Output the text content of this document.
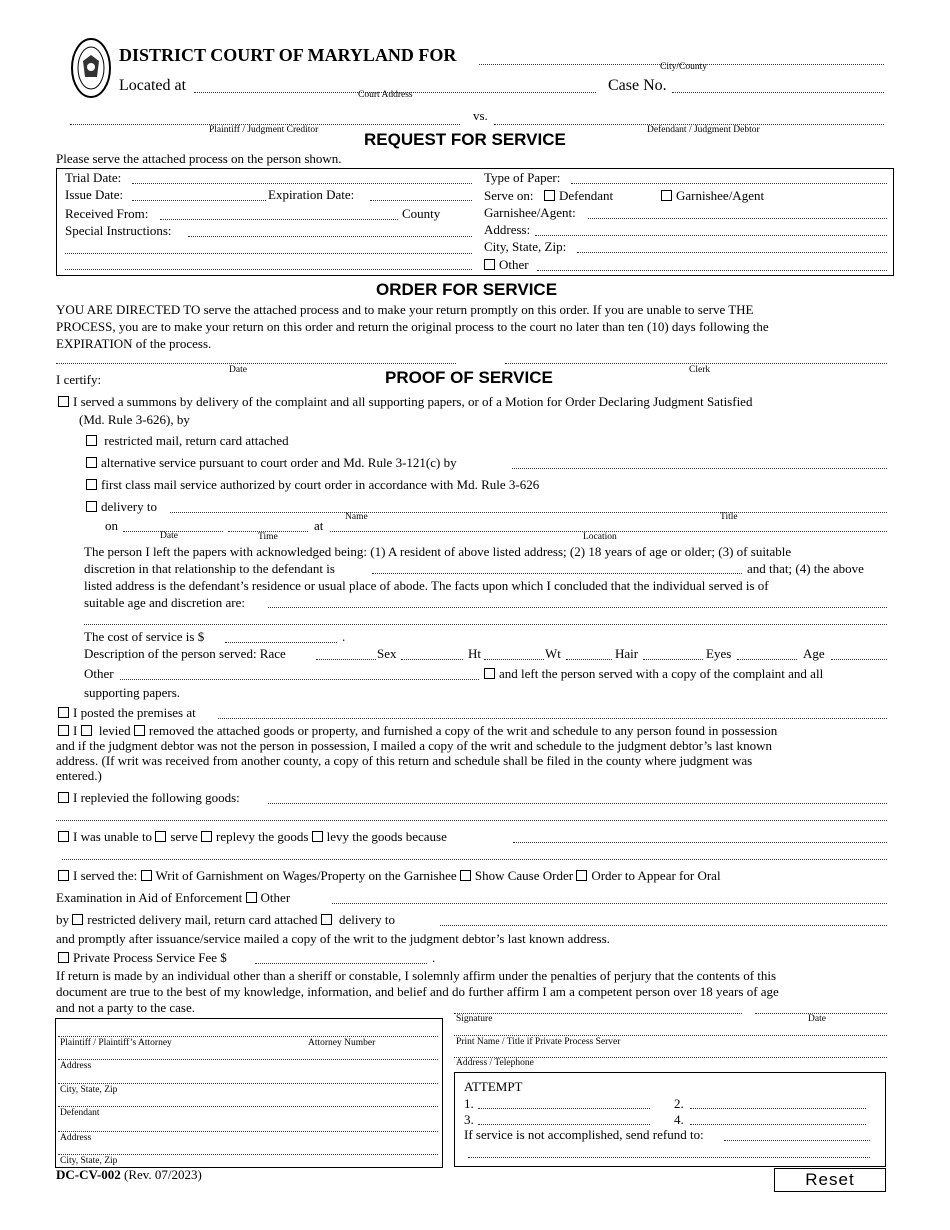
DISTRICT COURT OF MARYLAND FOR
City/County
Located at
Court Address
Case No.
vs.
Plaintiff / Judgment Creditor	Defendant / Judgment Debtor
REQUEST FOR SERVICE
Please serve the attached process on the person shown.
Trial Date:
Issue Date:	Expiration Date:
Received From:	County
Special Instructions:
Type of Paper:
Serve on:	Defendant	Garnishee/Agent
Garnishee/Agent:
Address:
City, State, Zip:
Other
ORDER FOR SERVICE
YOU ARE DIRECTED TO serve the attached process and to make your return promptly on this order. If you are unable to serve THE
PROCESS, you are to make your return on this order and return the original process to the court no later than ten (10) days following the
EXPIRATION of the process.
Date	Clerk
I certify:	PROOF OF SERVICE
I served a summons by delivery of the complaint and all supporting papers, or of a Motion for Order Declaring Judgment Satisfied
(Md. Rule 3-626), by
restricted mail, return card attached
alternative service pursuant to court order and Md. Rule 3-121(c) by
first class mail service authorized by court order in accordance with Md. Rule 3-626
delivery to
Name	Title
on	at
Date	Time	Location
The person I left the papers with acknowledged being: (1) A resident of above listed address; (2) 18 years of age or older; (3) of suitable
discretion in that relationship to the defendant is	and that; (4) the above
listed address is the defendant’s residence or usual place of abode. The facts upon which I concluded that the individual served is of
suitable age and discretion are:
The cost of service is $	.
Description of the person served: Race	Sex	Ht	Wt	Hair	Eyes	Age
Other	and left the person served with a copy of the complaint and all
supporting papers.
I posted the premises at
I levied removed the attached goods or property, and furnished a copy of the writ and schedule to any person found in possession
and if the judgment debtor was not the person in possession, I mailed a copy of the writ and schedule to the judgment debtor’s last known
address. (If writ was received from another county, a copy of this return and schedule shall be filed in the county where judgment was
entered.)
I replevied the following goods:
I was unable to serve replevy the goods levy the goods because
I served the: Writ of Garnishment on Wages/Property on the Garnishee Show Cause Order Order to Appear for Oral
Examination in Aid of Enforcement Other
by restricted delivery mail, return card attached delivery to
and promptly after issuance/service mailed a copy of the writ to the judgment debtor’s last known address.
Private Process Service Fee $	.
If return is made by an individual other than a sheriff or constable, I solemnly affirm under the penalties of perjury that the contents of this
document are true to the best of my knowledge, information, and belief and do further affirm I am a competent person over 18 years of age
and not a party to the case.
Plaintiff / Plaintiff’s Attorney	Attorney Number
Address
City, State, Zip
Defendant
Address
City, State, Zip
Signature	Date
Print Name / Title if Private Process Server
Address / Telephone
ATTEMPT
1.	2.
3.	4.
If service is not accomplished, send refund to:
DC-CV-002 (Rev. 07/2023)	Reset
